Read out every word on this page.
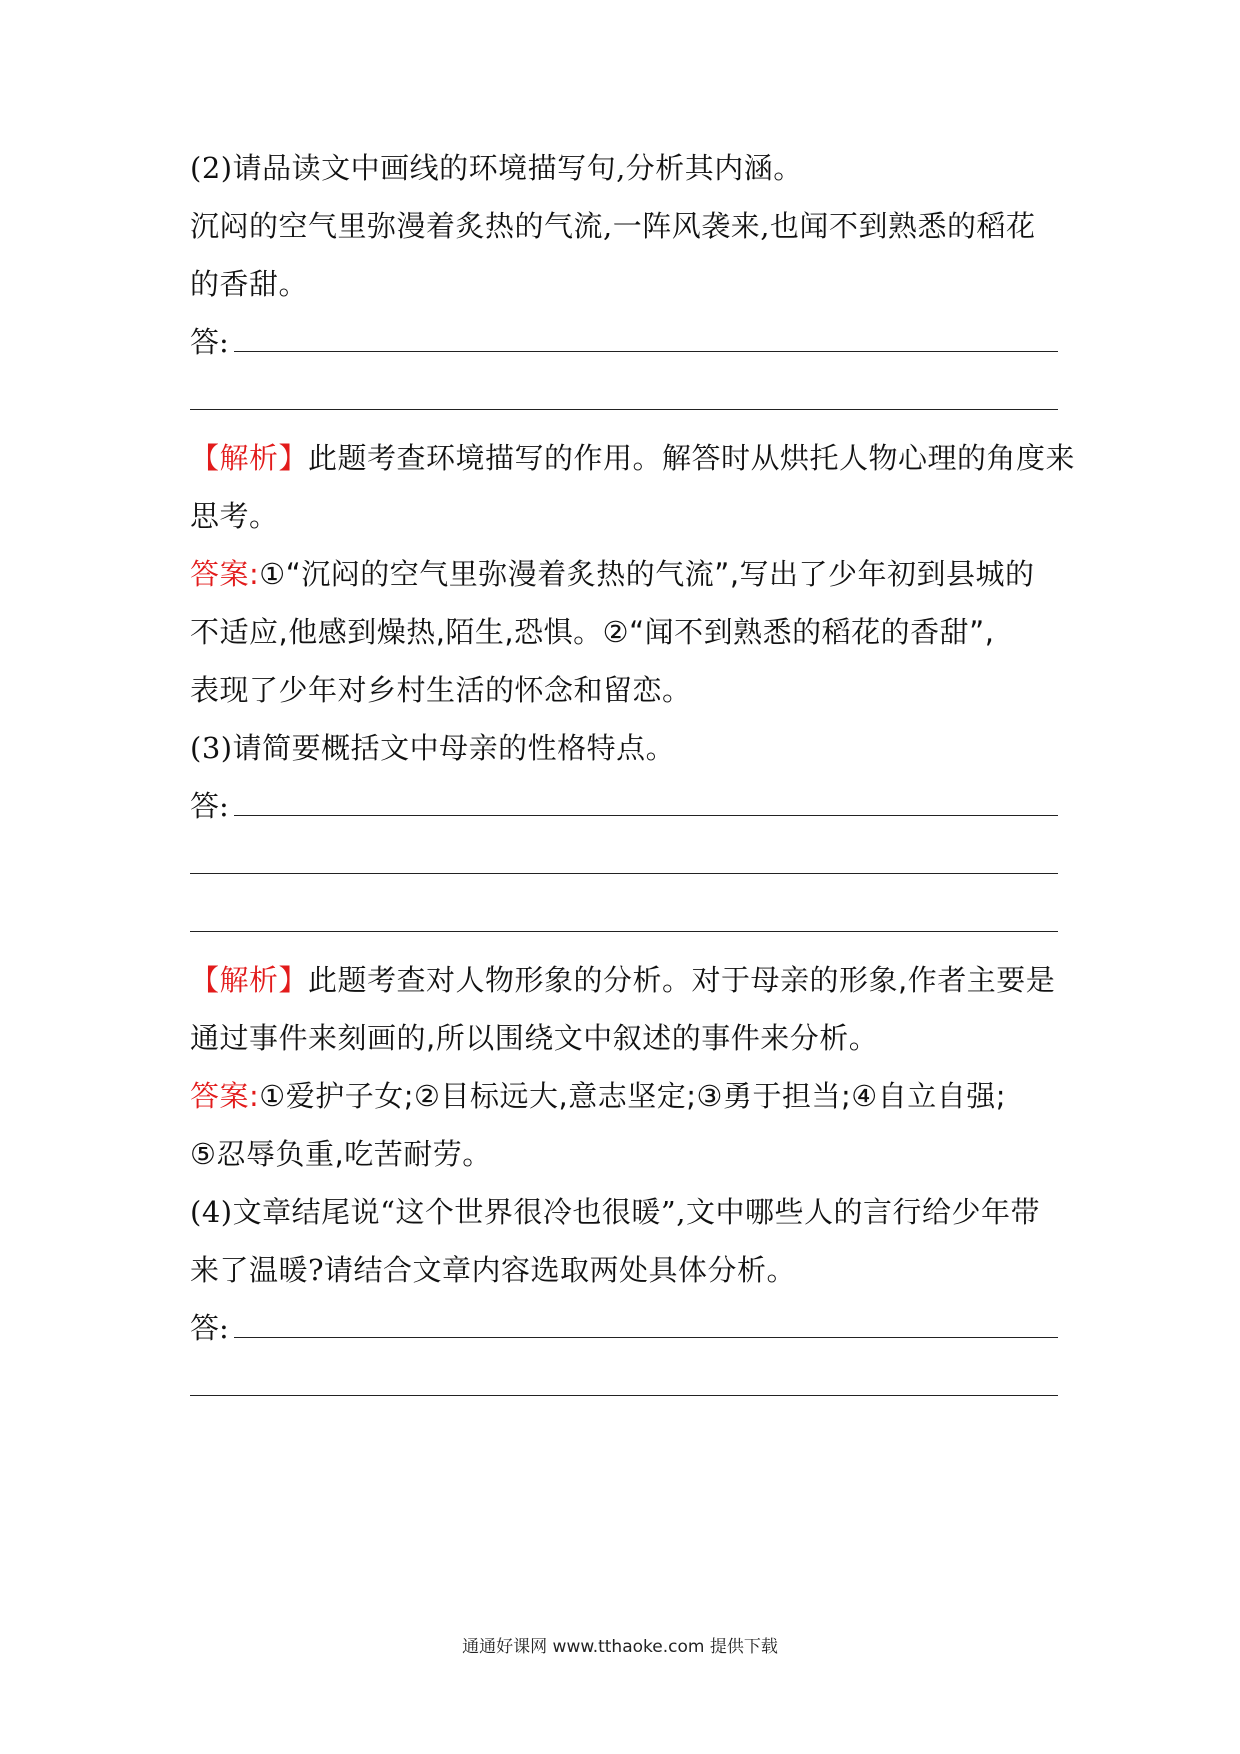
(2)请品读文中画线的环境描写句,分析其内涵。
沉闷的空气里弥漫着炙热的气流,一阵风袭来,也闻不到熟悉的稻花
的香甜。
答:
【解析】此题考查环境描写的作用。解答时从烘托人物心理的角度来
思考。
答案:①“沉闷的空气里弥漫着炙热的气流”,写出了少年初到县城的
不适应,他感到燥热,陌生,恐惧。②“闻不到熟悉的稻花的香甜”,
表现了少年对乡村生活的怀念和留恋。
(3)请简要概括文中母亲的性格特点。
答:
【解析】此题考查对人物形象的分析。对于母亲的形象,作者主要是
通过事件来刻画的,所以围绕文中叙述的事件来分析。
答案:①爱护子女;②目标远大,意志坚定;③勇于担当;④自立自强;
⑤忍辱负重,吃苦耐劳。
(4)文章结尾说“这个世界很冷也很暖”,文中哪些人的言行给少年带
来了温暖?请结合文章内容选取两处具体分析。
答:
通通好课网 www.tthaoke.com 提供下载
